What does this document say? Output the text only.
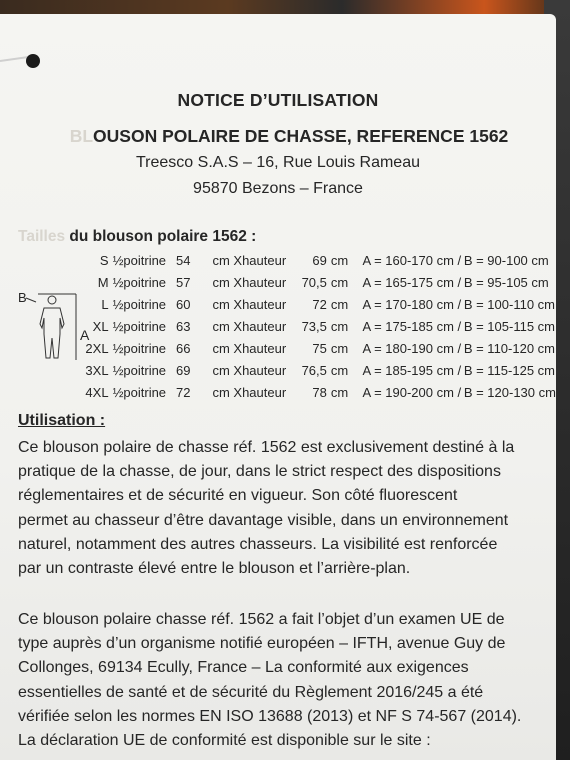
NOTICE D’UTILISATION
BLOUSON POLAIRE DE CHASSE, REFERENCE 1562
Treesco S.A.S – 16, Rue Louis Rameau
95870 Bezons – France
Tailles du blouson polaire 1562 :
B
A
S	½poitrine	54	cm Xhauteur	69	cm	A = 160-170 cm /	B = 90-100 cm
M	½poitrine	57	cm Xhauteur	70,5	cm	A = 165-175 cm /	B = 95-105 cm
L	½poitrine	60	cm Xhauteur	72	cm	A = 170-180 cm /	B = 100-110 cm
XL	½poitrine	63	cm Xhauteur	73,5	cm	A = 175-185 cm /	B = 105-115 cm
2XL	½poitrine	66	cm Xhauteur	75	cm	A = 180-190 cm /	B = 110-120 cm
3XL	½poitrine	69	cm Xhauteur	76,5	cm	A = 185-195 cm /	B = 115-125 cm
4XL	½poitrine	72	cm Xhauteur	78	cm	A = 190-200 cm /	B = 120-130 cm
Utilisation :
Ce blouson polaire de chasse réf. 1562 est exclusivement destiné à la
pratique de la chasse, de jour, dans le strict respect des dispositions
réglementaires et de sécurité en vigueur. Son côté fluorescent
permet au chasseur d’être davantage visible, dans un environnement
naturel, notamment des autres chasseurs. La visibilité est renforcée
par un contraste élevé entre le blouson et l’arrière-plan.
Ce blouson polaire chasse réf. 1562 a fait l’objet d’un examen UE de
type auprès d’un organisme notifié européen – IFTH, avenue Guy de
Collonges, 69134 Ecully, France – La conformité aux exigences
essentielles de santé et de sécurité du Règlement 2016/245 a été
vérifiée selon les normes EN ISO 13688 (2013) et NF S 74-567 (2014).
La déclaration UE de conformité est disponible sur le site :
